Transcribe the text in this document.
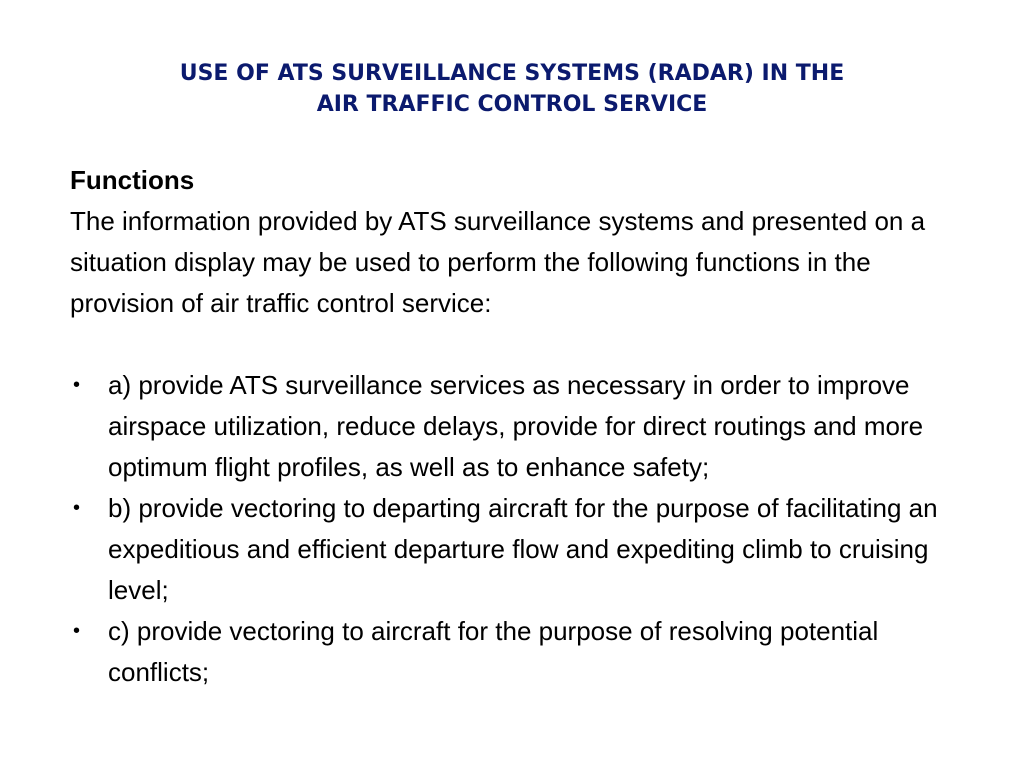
USE OF ATS SURVEILLANCE SYSTEMS (RADAR) IN THE
AIR TRAFFIC CONTROL SERVICE
Functions
The information provided by ATS surveillance systems and presented on a situation display may be used to perform the following functions in the provision of air traffic control service:
• a) provide ATS surveillance services as necessary in order to improve airspace utilization, reduce delays, provide for direct routings and more optimum flight profiles, as well as to enhance safety;
• b) provide vectoring to departing aircraft for the purpose of facilitating an expeditious and efficient departure flow and expediting climb to cruising level;
• c) provide vectoring to aircraft for the purpose of resolving potential conflicts;
